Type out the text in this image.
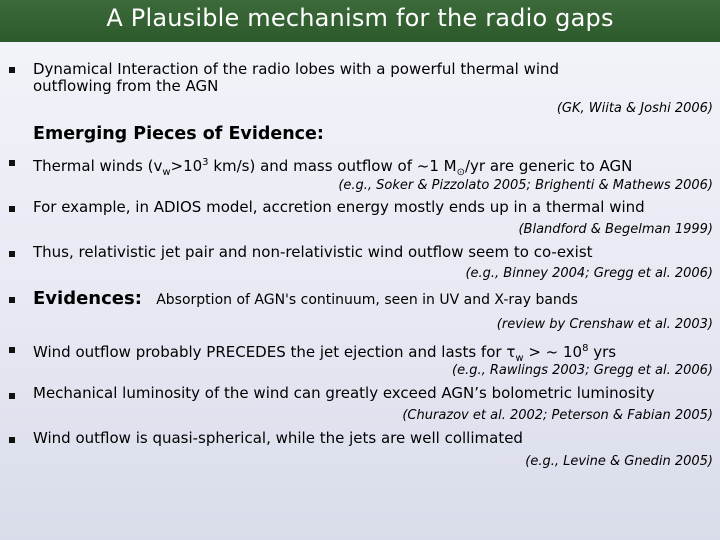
A Plausible mechanism for the radio gaps
Dynamical Interaction of the radio lobes with a powerful thermal wind
outflowing from the AGN
(GK, Wiita & Joshi 2006)
Emerging Pieces of Evidence:
Thermal winds ($v_w>10^3$ km/s) and mass outflow of ~1 $M_⊙/yr$ are generic to AGN
(e.g., Soker & Pizzolato 2005; Brighenti & Mathews 2006)
For example, in ADIOS model, accretion energy mostly ends up in a thermal wind
(Blandford & Begelman 1999)
Thus, relativistic jet pair and non-relativistic wind outflow seem to co-exist
(e.g., Binney 2004; Gregg et al. 2006)
Evidences: Absorption of AGN's continuum, seen in UV and X-ray bands
(review by Crenshaw et al. 2003)
Wind outflow probably PRECEDES the jet ejection and lasts for $\tau_w$ > ~ $10^8$ yrs
(e.g., Rawlings 2003; Gregg et al. 2006)
Mechanical luminosity of the wind can greatly exceed AGN’s bolometric luminosity
(Churazov et al. 2002; Peterson & Fabian 2005)
Wind outflow is quasi-spherical, while the jets are well collimated
(e.g., Levine & Gnedin 2005)
